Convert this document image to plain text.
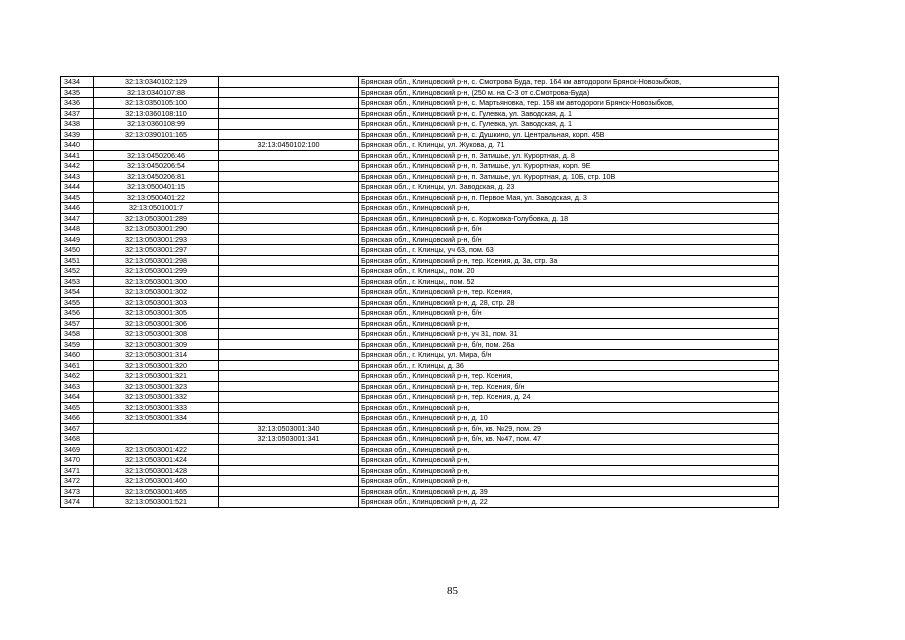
3434	32:13:0340102:129		Брянская обл., Клинцовский р-н, с. Смотрова Буда, тер. 164 км автодороги Брянск-Новозыбков,
3435	32:13:0340107:88		Брянская обл., Клинцовский р-н, (250 м. на С-З от с.Смотрова-Буда)
3436	32:13:0350105:100		Брянская обл., Клинцовский р-н, с. Мартьяновка, тер. 158 км автодороги Брянск-Новозыбков,
3437	32:13:0360108:110		Брянская обл., Клинцовский р-н, с. Гулевка, ул. Заводская, д. 1
3438	32:13:0360108:99		Брянская обл., Клинцовский р-н, с. Гулевка, ул. Заводская, д. 1
3439	32:13:0390101:165		Брянская обл., Клинцовский р-н, с. Душкино, ул. Центральная, корп. 45В
3440		32:13:0450102:100	Брянская обл., г. Клинцы, ул. Жукова, д. 71
3441	32:13:0450206:46		Брянская обл., Клинцовский р-н, п. Затишье, ул. Курортная, д. 8
3442	32:13:0450206:54		Брянская обл., Клинцовский р-н, п. Затишье, ул. Курортная, корп. 9Е
3443	32:13:0450206:81		Брянская обл., Клинцовский р-н, п. Затишье, ул. Курортная, д. 10Б, стр. 10В
3444	32:13:0500401:15		Брянская обл., г. Клинцы, ул. Заводская, д. 23
3445	32:13:0500401:22		Брянская обл., Клинцовский р-н, п. Первое Мая, ул. Заводская, д. 3
3446	32:13:0501001:7		Брянская обл., Клинцовский р-н,
3447	32:13:0503001:289		Брянская обл., Клинцовский р-н, с. Коржовка-Голубовка, д. 18
3448	32:13:0503001:290		Брянская обл., Клинцовский р-н, б/н
3449	32:13:0503001:293		Брянская обл., Клинцовский р-н, б/н
3450	32:13:0503001:297		Брянская обл., г. Клинцы, уч 63, пом. 63
3451	32:13:0503001:298		Брянская обл., Клинцовский р-н, тер. Ксения, д. 3а, стр. 3а
3452	32:13:0503001:299		Брянская обл., г. Клинцы,, пом. 20
3453	32:13:0503001:300		Брянская обл., г. Клинцы,, пом. 52
3454	32:13:0503001:302		Брянская обл., Клинцовский р-н, тер. Ксения,
3455	32:13:0503001:303		Брянская обл., Клинцовский р-н, д. 28, стр. 28
3456	32:13:0503001:305		Брянская обл., Клинцовский р-н, б/н
3457	32:13:0503001:306		Брянская обл., Клинцовский р-н,
3458	32:13:0503001:308		Брянская обл., Клинцовский р-н, уч 31, пом. 31
3459	32:13:0503001:309		Брянская обл., Клинцовский р-н, б/н, пом. 26а
3460	32:13:0503001:314		Брянская обл., г. Клинцы, ул. Мира, б/н
3461	32:13:0503001:320		Брянская обл., г. Клинцы, д. 36
3462	32:13:0503001:321		Брянская обл., Клинцовский р-н, тер. Ксения,
3463	32:13:0503001:323		Брянская обл., Клинцовский р-н, тер. Ксения, б/н
3464	32:13:0503001:332		Брянская обл., Клинцовский р-н, тер. Ксения, д. 24
3465	32:13:0503001:333		Брянская обл., Клинцовский р-н,
3466	32:13:0503001:334		Брянская обл., Клинцовский р-н, д. 10
3467		32:13:0503001:340	Брянская обл., Клинцовский р-н, б/н, кв. №29, пом. 29
3468		32:13:0503001:341	Брянская обл., Клинцовский р-н, б/н, кв. №47, пом. 47
3469	32:13:0503001:422		Брянская обл., Клинцовский р-н,
3470	32:13:0503001:424		Брянская обл., Клинцовский р-н,
3471	32:13:0503001:428		Брянская обл., Клинцовский р-н,
3472	32:13:0503001:460		Брянская обл., Клинцовский р-н,
3473	32:13:0503001:465		Брянская обл., Клинцовский р-н, д. 39
3474	32:13:0503001:521		Брянская обл., Клинцовский р-н, д. 22
85
